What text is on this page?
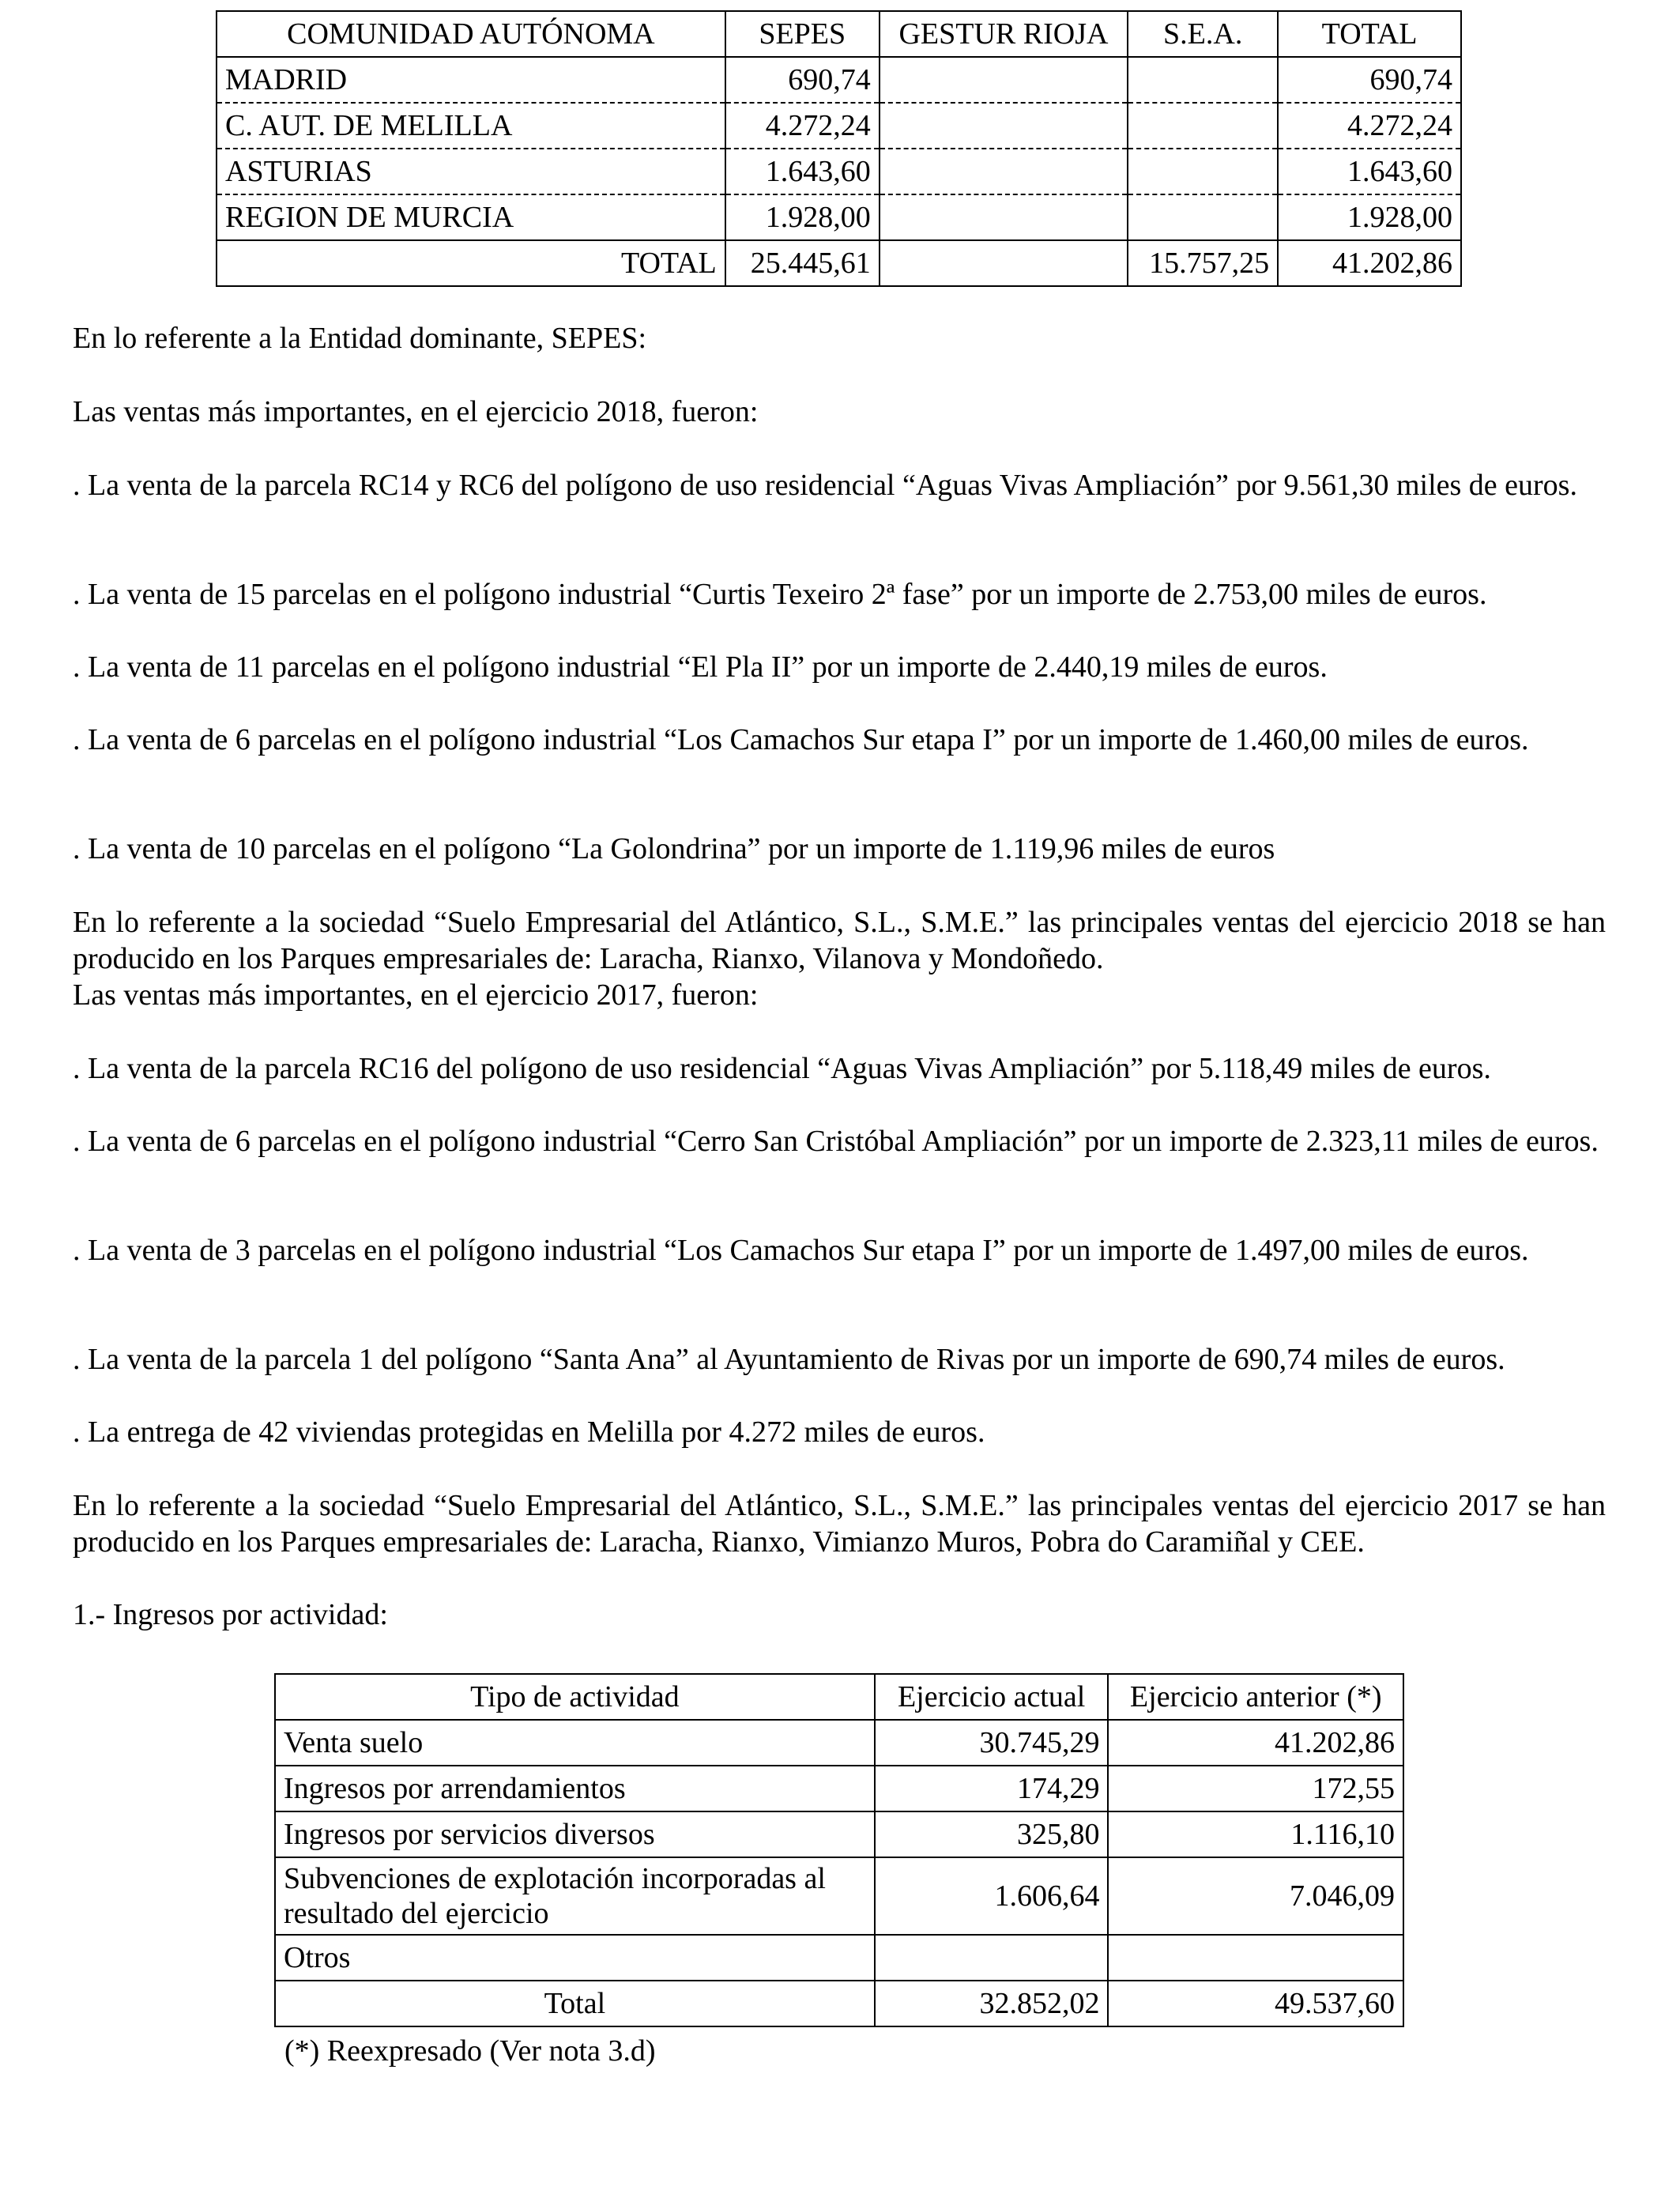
COMUNIDAD AUTÓNOMA	SEPES	GESTUR RIOJA	S.E.A.	TOTAL
MADRID	690,74			690,74
C. AUT. DE MELILLA	4.272,24			4.272,24
ASTURIAS	1.643,60			1.643,60
REGION DE MURCIA	1.928,00			1.928,00
TOTAL	25.445,61		15.757,25	41.202,86
En lo referente a la Entidad dominante, SEPES:
Las ventas más importantes, en el ejercicio 2018, fueron:
. La venta de la parcela RC14 y RC6 del polígono de uso residencial “Aguas Vivas Ampliación” por 9.561,30 miles de euros.
. La venta de 15 parcelas en el polígono industrial “Curtis Texeiro 2ª fase” por un importe de 2.753,00 miles de euros.
. La venta de 11 parcelas en el polígono industrial “El Pla II” por un importe de 2.440,19 miles de euros.
. La venta de 6 parcelas en el polígono industrial “Los Camachos Sur etapa I” por un importe de 1.460,00 miles de euros.
. La venta de 10 parcelas en el polígono “La Golondrina” por un importe de 1.119,96 miles de euros
En lo referente a la sociedad “Suelo Empresarial del Atlántico, S.L., S.M.E.” las principales ventas del ejercicio 2018 se han producido en los Parques empresariales de: Laracha, Rianxo, Vilanova y Mondoñedo.
Las ventas más importantes, en el ejercicio 2017, fueron:
. La venta de la parcela RC16 del polígono de uso residencial “Aguas Vivas Ampliación” por 5.118,49 miles de euros.
. La venta de 6 parcelas en el polígono industrial “Cerro San Cristóbal Ampliación” por un importe de 2.323,11 miles de euros.
. La venta de 3 parcelas en el polígono industrial “Los Camachos Sur etapa I” por un importe de 1.497,00 miles de euros.
. La venta de la parcela 1 del polígono “Santa Ana” al Ayuntamiento de Rivas por un importe de 690,74 miles de euros.
. La entrega de 42 viviendas protegidas en Melilla por 4.272 miles de euros.
En lo referente a la sociedad “Suelo Empresarial del Atlántico, S.L., S.M.E.” las principales ventas del ejercicio 2017 se han producido en los Parques empresariales de: Laracha, Rianxo, Vimianzo Muros, Pobra do Caramiñal y CEE.
1.- Ingresos por actividad:
Tipo de actividad	Ejercicio actual	Ejercicio anterior (*)
Venta suelo	30.745,29	41.202,86
Ingresos por arrendamientos	174,29	172,55
Ingresos por servicios diversos	325,80	1.116,10
Subvenciones de explotación incorporadas al resultado del ejercicio	1.606,64	7.046,09
Otros		
Total	32.852,02	49.537,60
(*) Reexpresado (Ver nota 3.d)
